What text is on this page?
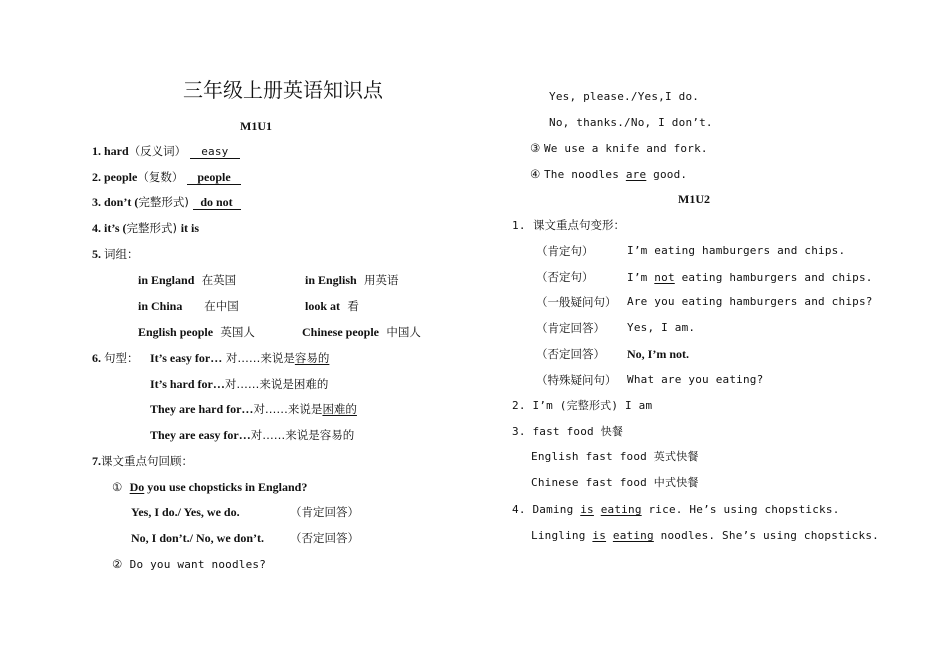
三年级上册英语知识点
M1U1
1. hard（反义词） easy
2. people（复数） people
3. don’t (完整形式) do not
4. it’s (完整形式) it is
5. 词组：
in England 在英国	in English 用英语
in China 在中国	look at 看
English people 英国人	Chinese people 中国人
6. 句型： It’s easy for… 对……来说是容易的
It’s hard for…对……来说是困难的
They are hard for…对……来说是困难的
They are easy for…对……来说是容易的
7.课文重点句回顾：
① Do you use chopsticks in England?
Yes, I do./ Yes, we do.	（肯定回答）
No, I don’t./ No, we don’t. （否定回答）
② Do you want noodles?
Yes, please./Yes,I do.
No, thanks./No, I don’t.
③ We use a knife and fork.
④ The noodles are good.
M1U2
1. 课文重点句变形：
（肯定句）	I’m eating hamburgers and chips.
（否定句）	I’m not eating hamburgers and chips.
（一般疑问句） Are you eating hamburgers and chips?
（肯定回答） Yes, I am.
（否定回答） No, I’m not.
（特殊疑问句） What are you eating?
2. I’m (完整形式) I am
3. fast food 快餐
English fast food 英式快餐
Chinese fast food 中式快餐
4. Daming is eating rice. He’s using chopsticks.
Lingling is eating noodles. She’s using chopsticks.
